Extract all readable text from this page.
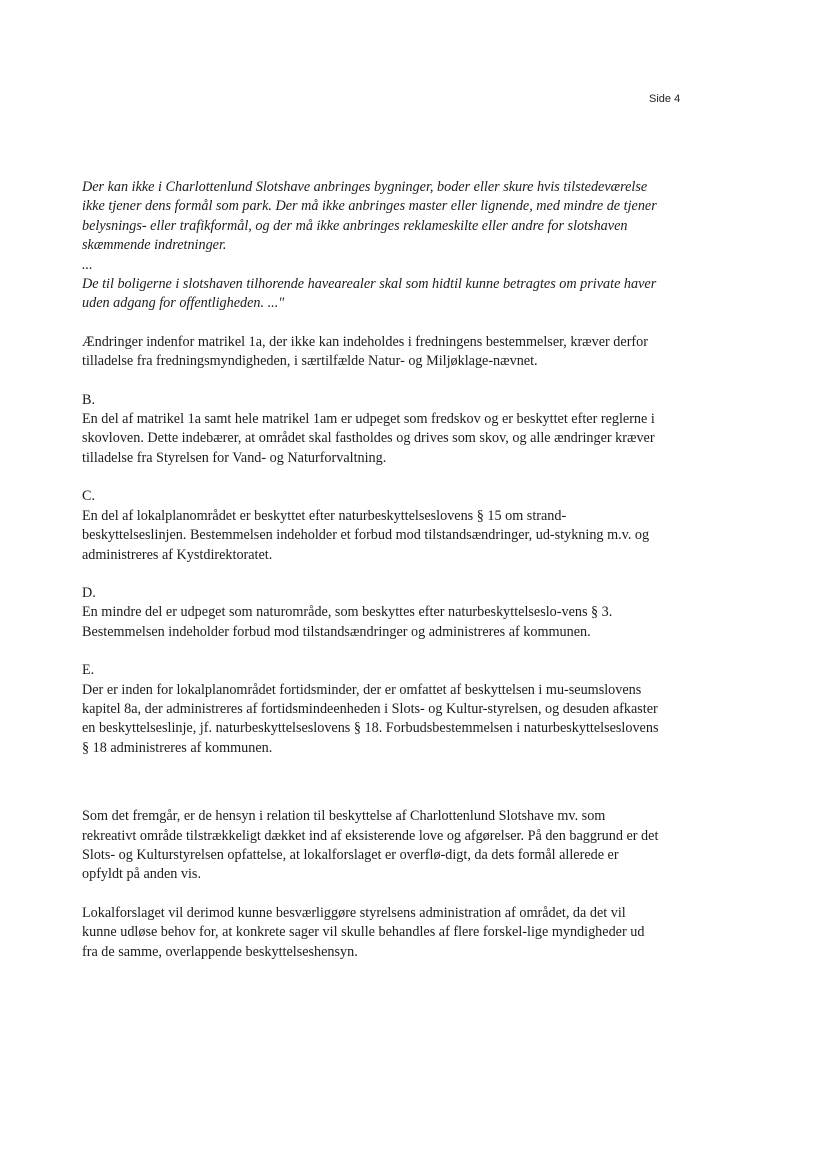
Side 4

Der kan ikke i Charlottenlund Slotshave anbringes bygninger, boder eller skure hvis tilstedeværelse ikke tjener dens formål som park. Der må ikke anbringes master eller lignende, med mindre de tjener belysnings- eller trafikformål, og der må ikke anbringes reklameskilte eller andre for slotshaven skæmmende indretninger.

...

De til boligerne i slotshaven tilhorende havearealer skal som hidtil kunne betragtes om private haver uden adgang for offentligheden. ..."

Ændringer indenfor matrikel 1a, der ikke kan indeholdes i fredningens bestemmelser, kræver derfor tilladelse fra fredningsmyndigheden, i særtilfælde Natur- og Miljøklage-nævnet.

B.

En del af matrikel 1a samt hele matrikel 1am er udpeget som fredskov og er beskyttet efter reglerne i skovloven. Dette indebærer, at området skal fastholdes og drives som skov, og alle ændringer kræver tilladelse fra Styrelsen for Vand- og Naturforvaltning.

C.

En del af lokalplanområdet er beskyttet efter naturbeskyttelseslovens § 15 om strand-beskyttelseslinjen. Bestemmelsen indeholder et forbud mod tilstandsændringer, ud-stykning m.v. og administreres af Kystdirektoratet.

D.

En mindre del er udpeget som naturområde, som beskyttes efter naturbeskyttelseslo-vens § 3. Bestemmelsen indeholder forbud mod tilstandsændringer og administreres af kommunen.

E.

Der er inden for lokalplanområdet fortidsminder, der er omfattet af beskyttelsen i mu-seumslovens kapitel 8a, der administreres af fortidsmindeenheden i Slots- og Kultur-styrelsen, og desuden afkaster en beskyttelseslinje, jf. naturbeskyttelseslovens § 18. Forbudsbestemmelsen i naturbeskyttelseslovens § 18 administreres af kommunen.

Som det fremgår, er de hensyn i relation til beskyttelse af Charlottenlund Slotshave mv. som rekreativt område tilstrækkeligt dækket ind af eksisterende love og afgørelser. På den baggrund er det Slots- og Kulturstyrelsen opfattelse, at lokalforslaget er overflø-digt, da dets formål allerede er opfyldt på anden vis.

Lokalforslaget vil derimod kunne besværliggøre styrelsens administration af området, da det vil kunne udløse behov for, at konkrete sager vil skulle behandles af flere forskel-lige myndigheder ud fra de samme, overlappende beskyttelseshensyn.
